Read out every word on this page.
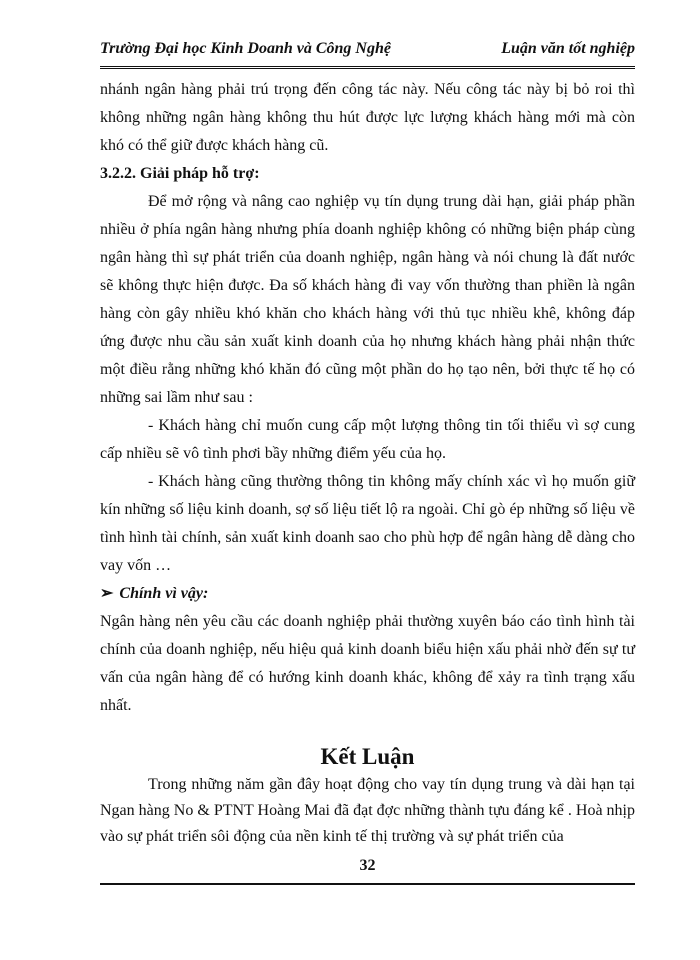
Trường Đại học Kinh Doanh và Công Nghệ	Luận văn tốt nghiệp

nhánh ngân hàng phải trú trọng đến công tác này. Nếu công tác này bị bỏ roi thì không những ngân hàng không thu hút được lực lượng khách hàng mới mà còn khó có thể giữ được khách hàng cũ.

3.2.2. Giải pháp hỗ trợ:

Để mở rộng và nâng cao nghiệp vụ tín dụng trung dài hạn, giải pháp phần nhiều ở phía ngân hàng nhưng phía doanh nghiệp không có những biện pháp cùng ngân hàng thì sự phát triển của doanh nghiệp, ngân hàng và nói chung là đất nước sẽ không thực hiện được. Đa số khách hàng đi vay vốn thường than phiền là ngân hàng còn gây nhiều khó khăn cho khách hàng với thủ tục nhiều khê, không đáp ứng được nhu cầu sản xuất kinh doanh của họ nhưng khách hàng phải nhận thức một điều rằng những khó khăn đó cũng một phần do họ tạo nên, bởi thực tế họ có những sai lầm như sau :

- Khách hàng chỉ muốn cung cấp một lượng thông tin tối thiểu vì sợ cung cấp nhiều sẽ vô tình phơi bầy những điểm yếu của họ.

- Khách hàng cũng thường thông tin không mấy chính xác vì họ muốn giữ kín những số liệu kinh doanh, sợ số liệu tiết lộ ra ngoài. Chỉ gò ép những số liệu về tình hình tài chính, sản xuất kinh doanh sao cho phù hợp để ngân hàng dễ dàng cho vay vốn …

➢ Chính vì vậy:

Ngân hàng nên yêu cầu các doanh nghiệp phải thường xuyên báo cáo tình hình tài chính của doanh nghiệp, nếu hiệu quả kinh doanh biểu hiện xấu phải nhờ đến sự tư vấn của ngân hàng để có hướng kinh doanh khác, không để xảy ra tình trạng xấu nhất.

Kết Luận

Trong những năm gần đây hoạt động cho vay tín dụng trung và dài hạn tại Ngan hàng No & PTNT Hoàng Mai đã đạt đợc những thành tựu đáng kể . Hoà nhịp vào sự phát triển sôi động của nền kinh tế thị trường và sự phát triển của

32
